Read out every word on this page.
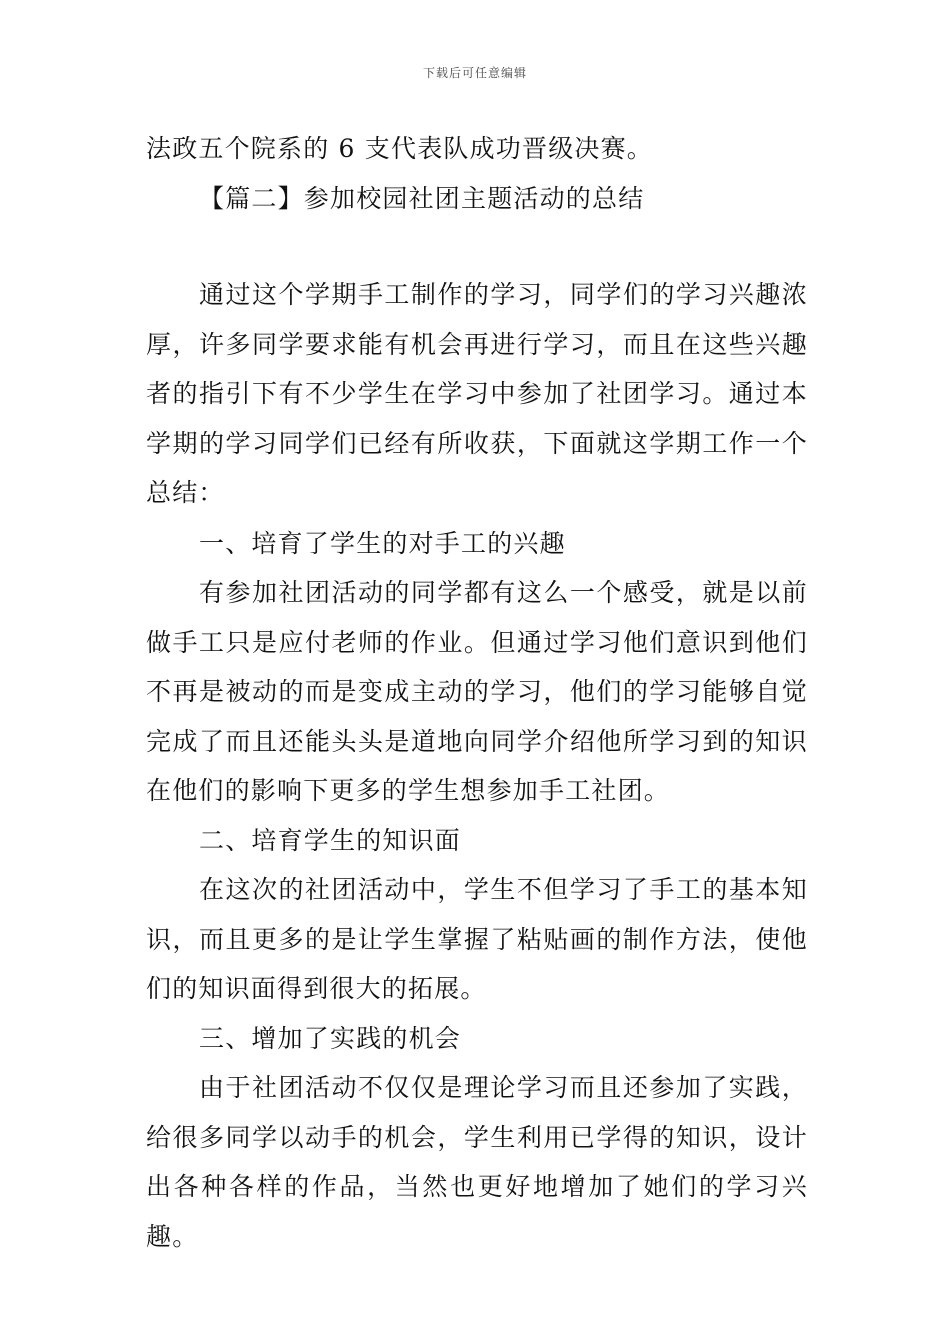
下载后可任意编辑

法政五个院系的 6 支代表队成功晋级决赛。

【篇二】参加校园社团主题活动的总结

通过这个学期手工制作的学习，同学们的学习兴趣浓厚，许多同学要求能有机会再进行学习，而且在这些兴趣者的指引下有不少学生在学习中参加了社团学习。通过本学期的学习同学们已经有所收获，下面就这学期工作一个总结：

一、培育了学生的对手工的兴趣

有参加社团活动的同学都有这么一个感受，就是以前做手工只是应付老师的作业。但通过学习他们意识到他们不再是被动的而是变成主动的学习，他们的学习能够自觉完成了而且还能头头是道地向同学介绍他所学习到的知识在他们的影响下更多的学生想参加手工社团。

二、培育学生的知识面

在这次的社团活动中，学生不但学习了手工的基本知识，而且更多的是让学生掌握了粘贴画的制作方法，使他们的知识面得到很大的拓展。

三、增加了实践的机会

由于社团活动不仅仅是理论学习而且还参加了实践，给很多同学以动手的机会，学生利用已学得的知识，设计出各种各样的作品，当然也更好地增加了她们的学习兴趣。
